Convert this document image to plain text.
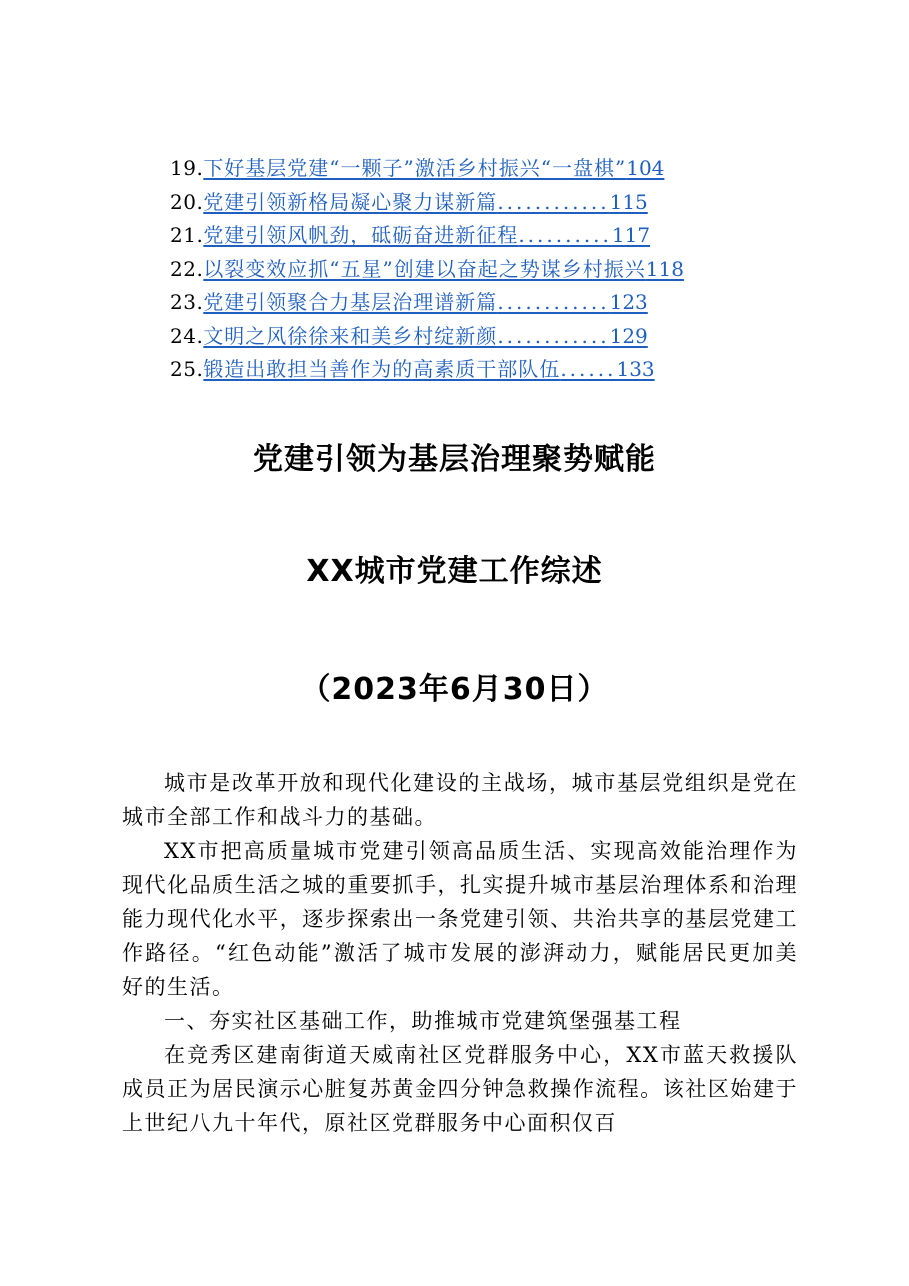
19. 下好基层党建“一颗子”激活乡村振兴“一盘棋” 104
20. 党建引领新格局凝心聚力谋新篇 ............ 115
21. 党建引领风帆劲，砥砺奋进新征程 .......... 117
22. 以裂变效应抓“五星”创建以奋起之势谋乡村振兴 118
23. 党建引领聚合力基层治理谱新篇 ............ 123
24. 文明之风徐徐来和美乡村绽新颜 ............ 129
25. 锻造出敢担当善作为的高素质干部队伍 ...... 133
党建引领为基层治理聚势赋能
XX城市党建工作综述
（2023年6月30日）

城市是改革开放和现代化建设的主战场，城市基层党组织是党在城市全部工作和战斗力的基础。

XX市把高质量城市党建引领高品质生活、实现高效能治理作为现代化品质生活之城的重要抓手，扎实提升城市基层治理体系和治理能力现代化水平，逐步探索出一条党建引领、共治共享的基层党建工作路径。“红色动能”激活了城市发展的澎湃动力，赋能居民更加美好的生活。

一、夯实社区基础工作，助推城市党建筑堡强基工程

在竞秀区建南街道天威南社区党群服务中心，XX市蓝天救援队成员正为居民演示心脏复苏黄金四分钟急救操作流程。该社区始建于上世纪八九十年代，原社区党群服务中心面积仅百
